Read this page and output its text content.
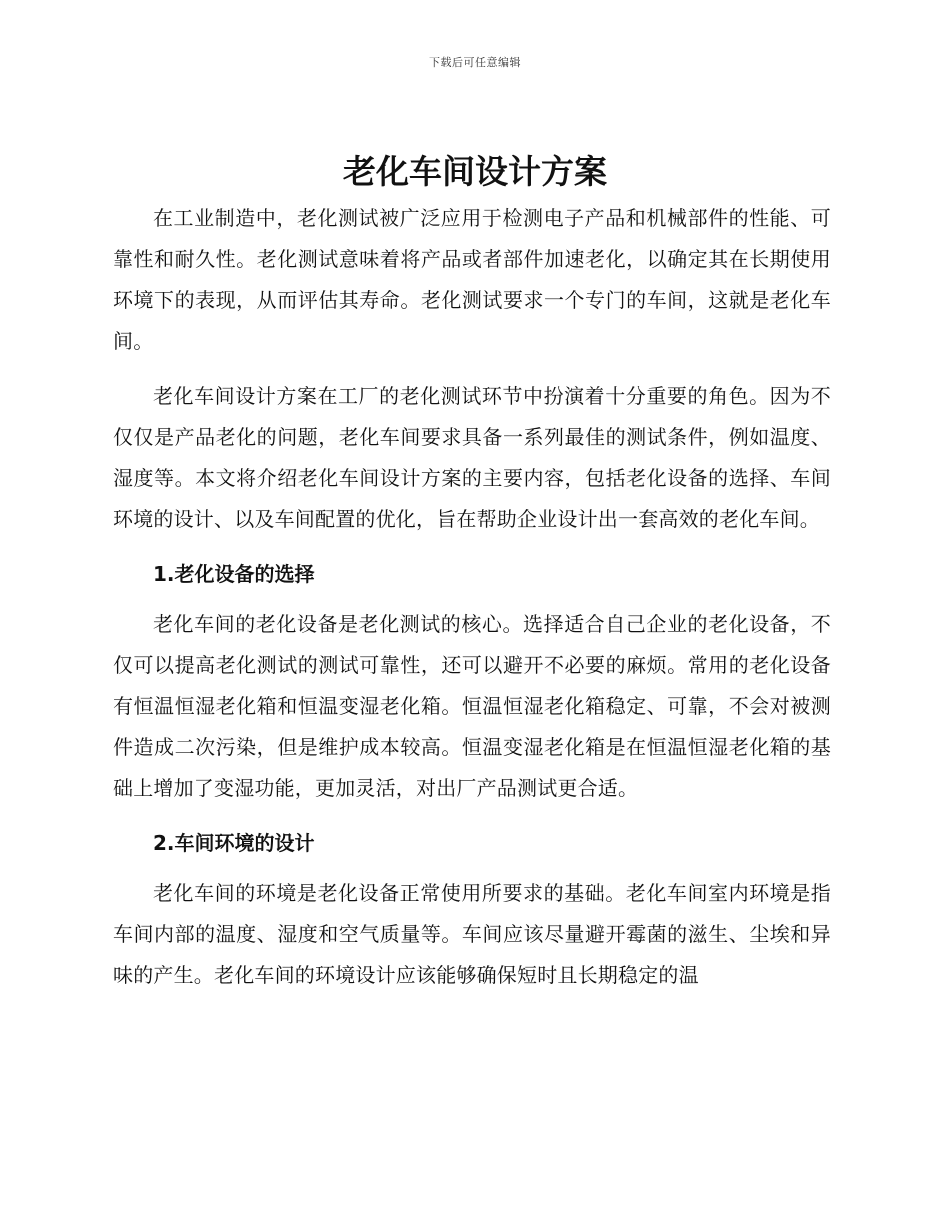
下载后可任意编辑
老化车间设计方案

在工业制造中，老化测试被广泛应用于检测电子产品和机械部件的性能、可靠性和耐久性。老化测试意味着将产品或者部件加速老化，以确定其在长期使用环境下的表现，从而评估其寿命。老化测试要求一个专门的车间，这就是老化车间。

老化车间设计方案在工厂的老化测试环节中扮演着十分重要的角色。因为不仅仅是产品老化的问题，老化车间要求具备一系列最佳的测试条件，例如温度、湿度等。本文将介绍老化车间设计方案的主要内容，包括老化设备的选择、车间环境的设计、以及车间配置的优化，旨在帮助企业设计出一套高效的老化车间。

1.老化设备的选择

老化车间的老化设备是老化测试的核心。选择适合自己企业的老化设备，不仅可以提高老化测试的测试可靠性，还可以避开不必要的麻烦。常用的老化设备有恒温恒湿老化箱和恒温变湿老化箱。恒温恒湿老化箱稳定、可靠，不会对被测件造成二次污染，但是维护成本较高。恒温变湿老化箱是在恒温恒湿老化箱的基础上增加了变湿功能，更加灵活，对出厂产品测试更合适。

2.车间环境的设计

老化车间的环境是老化设备正常使用所要求的基础。老化车间室内环境是指车间内部的温度、湿度和空气质量等。车间应该尽量避开霉菌的滋生、尘埃和异味的产生。老化车间的环境设计应该能够确保短时且长期稳定的温
